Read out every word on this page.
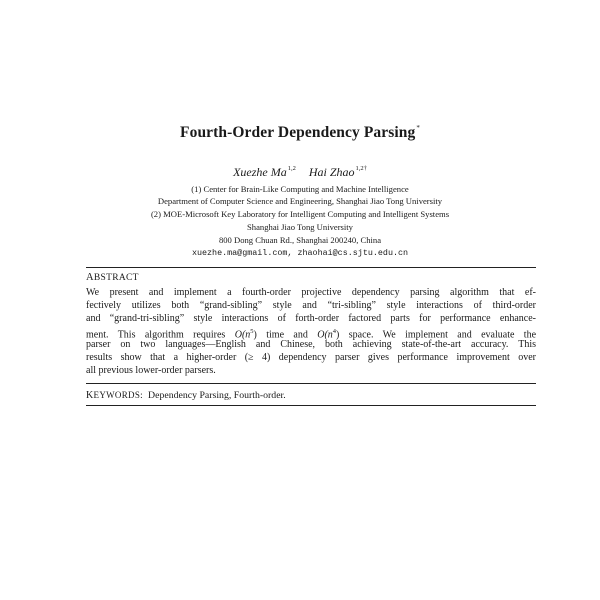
Fourth-Order Dependency Parsing*
Xuezhe Ma$^{1,2}$ Hai Zhao$^{1,2\dagger}$
(1) Center for Brain-Like Computing and Machine Intelligence
Department of Computer Science and Engineering, Shanghai Jiao Tong University
(2) MOE-Microsoft Key Laboratory for Intelligent Computing and Intelligent Systems
Shanghai Jiao Tong University
800 Dong Chuan Rd., Shanghai 200240, China
xuezhe.ma@gmail.com, zhaohai@cs.sjtu.edu.cn
ABSTRACT
We present and implement a fourth-order projective dependency parsing algorithm that ef-
fectively utilizes both “grand-sibling” style and “tri-sibling” style interactions of third-order
and “grand-tri-sibling” style interactions of forth-order factored parts for performance enhance-
ment. This algorithm requires $O(n^5)$ time and $O(n^4)$ space. We implement and evaluate the
parser on two languages—English and Chinese, both achieving state-of-the-art accuracy. This
results show that a higher-order (≥ 4) dependency parser gives performance improvement over
all previous lower-order parsers.
KEYWORDS:  Dependency Parsing, Fourth-order.
